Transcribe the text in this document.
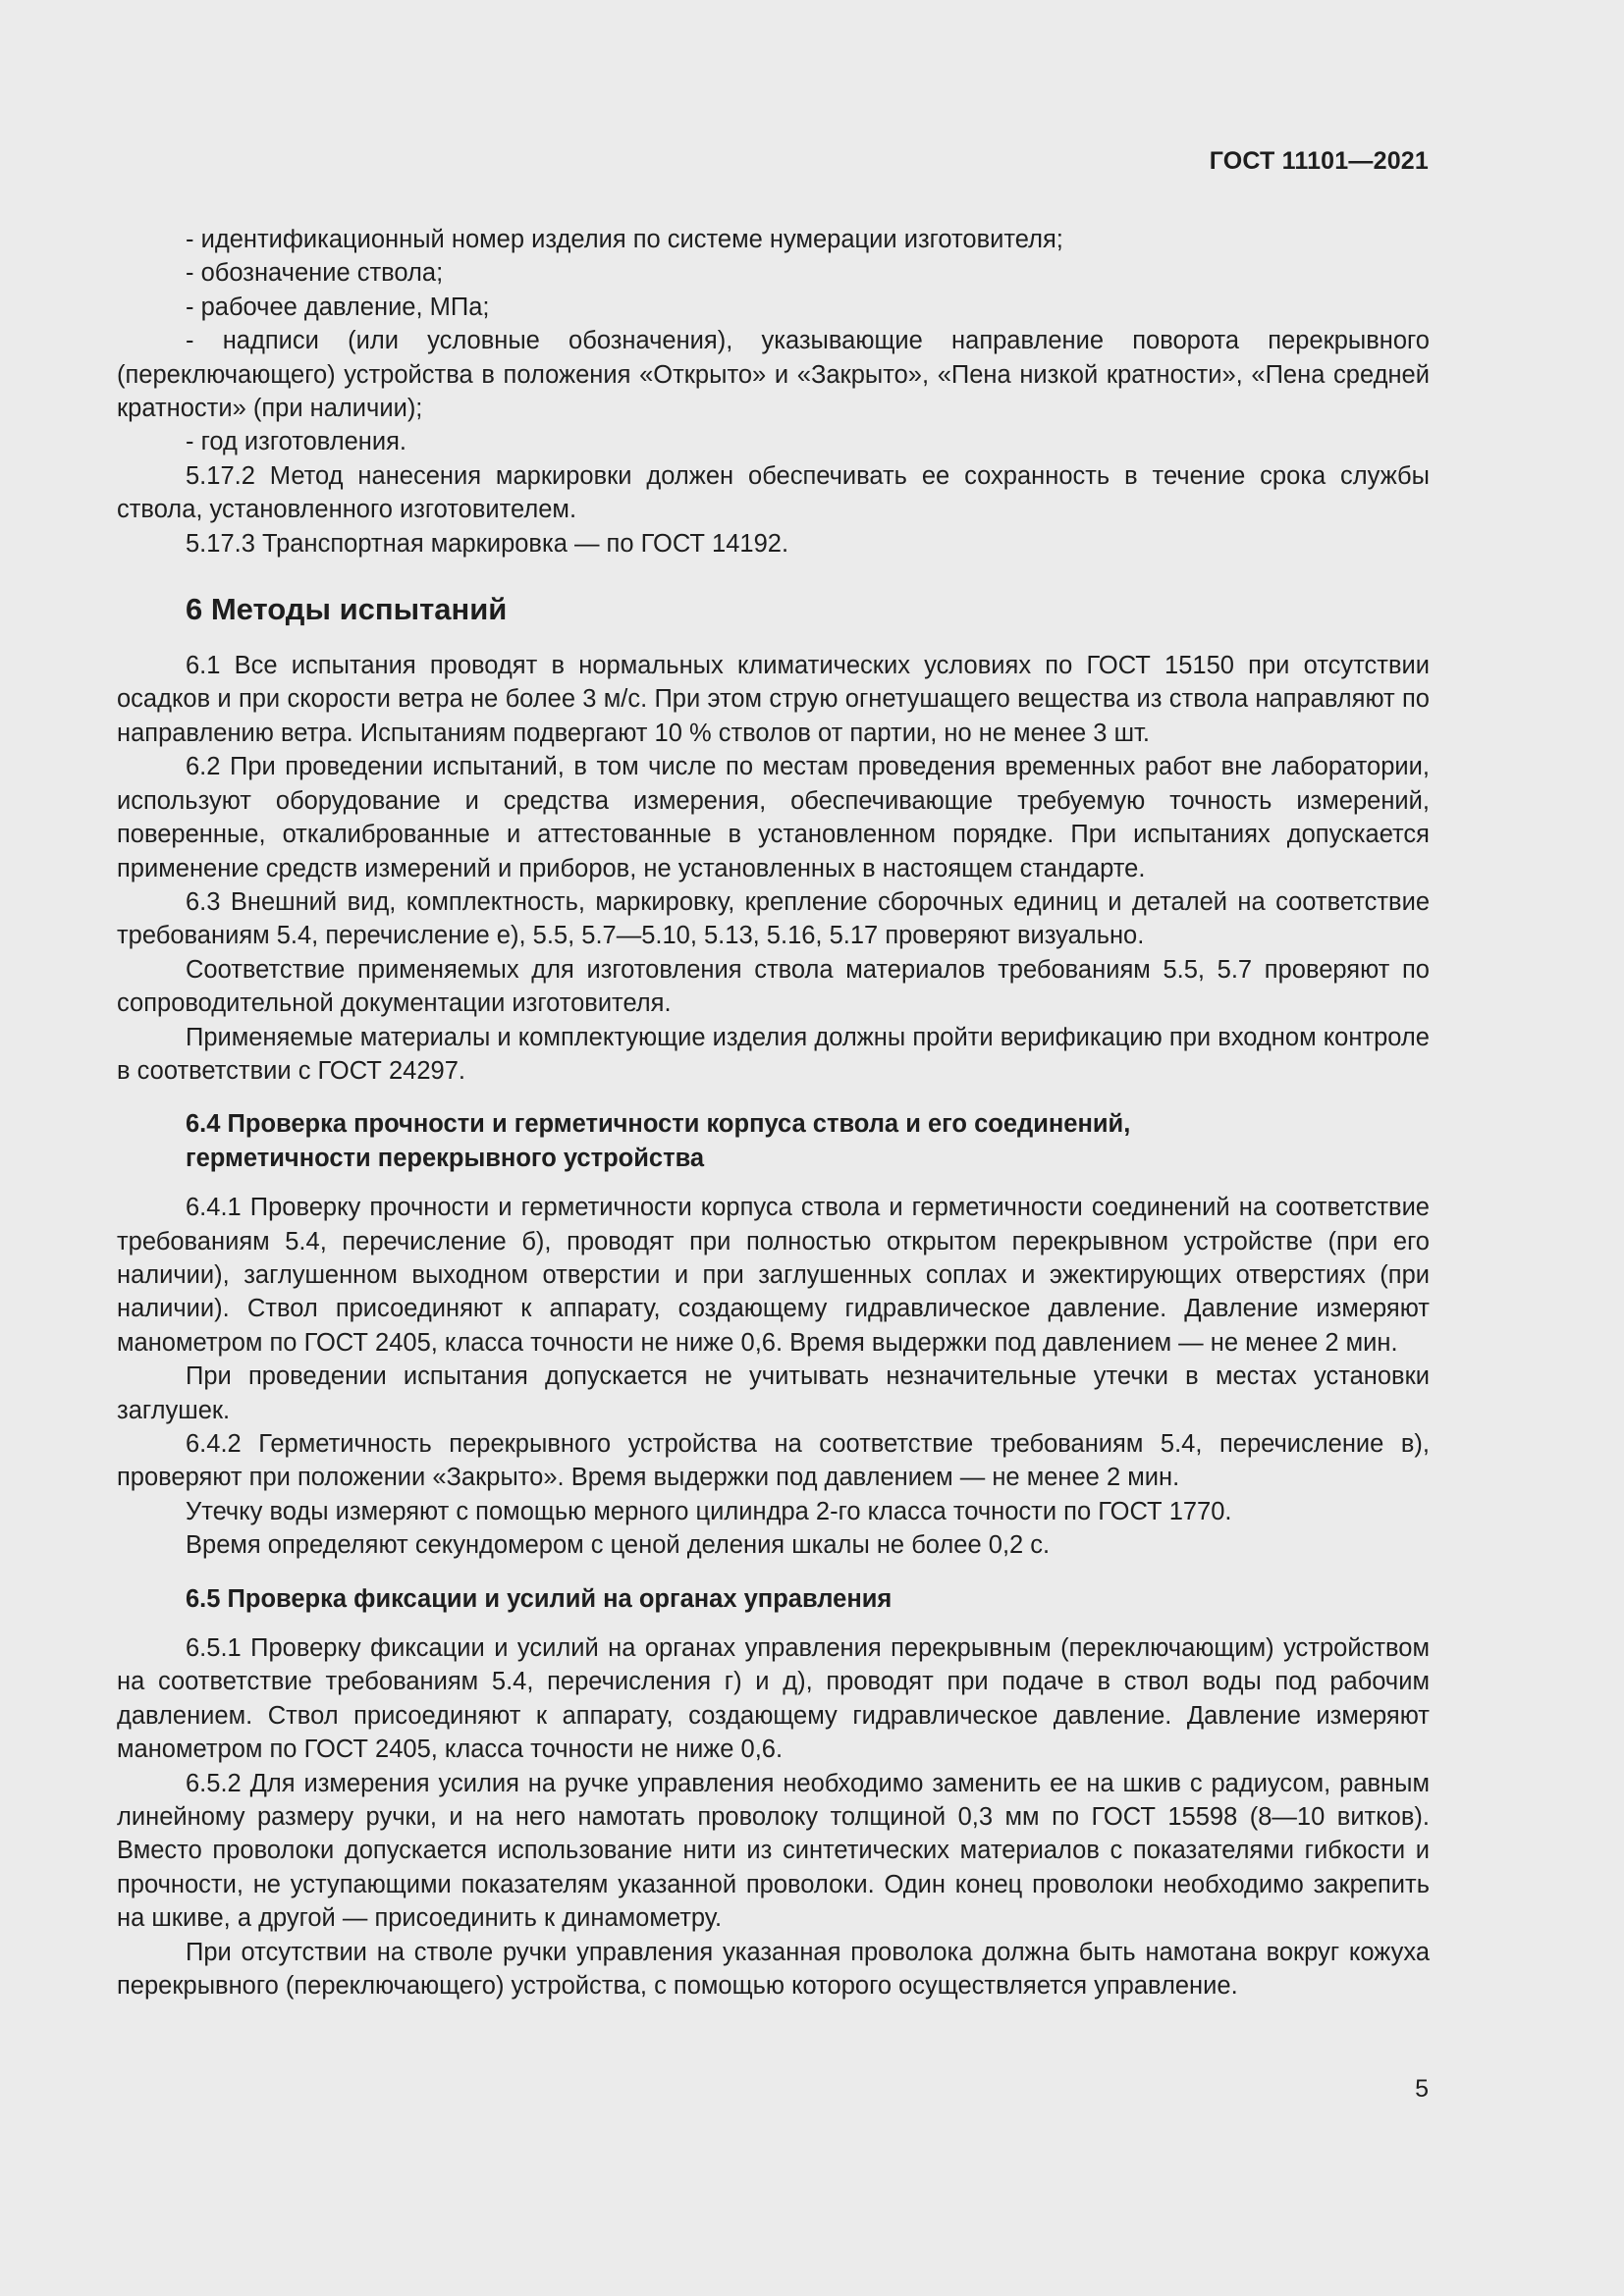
ГОСТ 11101—2021

- идентификационный номер изделия по системе нумерации изготовителя;

- обозначение ствола;

- рабочее давление, МПа;

- надписи (или условные обозначения), указывающие направление поворота перекрывного (переключающего) устройства в положения «Открыто» и «Закрыто», «Пена низкой кратности», «Пена средней кратности» (при наличии);

- год изготовления.

5.17.2 Метод нанесения маркировки должен обеспечивать ее сохранность в течение срока службы ствола, установленного изготовителем.

5.17.3 Транспортная маркировка — по ГОСТ 14192.

6 Методы испытаний

6.1 Все испытания проводят в нормальных климатических условиях по ГОСТ 15150 при отсутствии осадков и при скорости ветра не более 3 м/с. При этом струю огнетушащего вещества из ствола направляют по направлению ветра. Испытаниям подвергают 10 % стволов от партии, но не менее 3 шт.

6.2 При проведении испытаний, в том числе по местам проведения временных работ вне лаборатории, используют оборудование и средства измерения, обеспечивающие требуемую точность измерений, поверенные, откалиброванные и аттестованные в установленном порядке. При испытаниях допускается применение средств измерений и приборов, не установленных в настоящем стандарте.

6.3 Внешний вид, комплектность, маркировку, крепление сборочных единиц и деталей на соответствие требованиям 5.4, перечисление е), 5.5, 5.7—5.10, 5.13, 5.16, 5.17 проверяют визуально.

Соответствие применяемых для изготовления ствола материалов требованиям 5.5, 5.7 проверяют по сопроводительной документации изготовителя.

Применяемые материалы и комплектующие изделия должны пройти верификацию при входном контроле в соответствии с ГОСТ 24297.

6.4 Проверка прочности и герметичности корпуса ствола и его соединений,
герметичности перекрывного устройства

6.4.1 Проверку прочности и герметичности корпуса ствола и герметичности соединений на соответствие требованиям 5.4, перечисление б), проводят при полностью открытом перекрывном устройстве (при его наличии), заглушенном выходном отверстии и при заглушенных соплах и эжектирующих отверстиях (при наличии). Ствол присоединяют к аппарату, создающему гидравлическое давление. Давление измеряют манометром по ГОСТ 2405, класса точности не ниже 0,6. Время выдержки под давлением — не менее 2 мин.

При проведении испытания допускается не учитывать незначительные утечки в местах установки заглушек.

6.4.2 Герметичность перекрывного устройства на соответствие требованиям 5.4, перечисление в), проверяют при положении «Закрыто». Время выдержки под давлением — не менее 2 мин.

Утечку воды измеряют с помощью мерного цилиндра 2-го класса точности по ГОСТ 1770.

Время определяют секундомером с ценой деления шкалы не более 0,2 с.

6.5 Проверка фиксации и усилий на органах управления

6.5.1 Проверку фиксации и усилий на органах управления перекрывным (переключающим) устройством на соответствие требованиям 5.4, перечисления г) и д), проводят при подаче в ствол воды под рабочим давлением. Ствол присоединяют к аппарату, создающему гидравлическое давление. Давление измеряют манометром по ГОСТ 2405, класса точности не ниже 0,6.

6.5.2 Для измерения усилия на ручке управления необходимо заменить ее на шкив с радиусом, равным линейному размеру ручки, и на него намотать проволоку толщиной 0,3 мм по ГОСТ 15598 (8—10 витков). Вместо проволоки допускается использование нити из синтетических материалов с показателями гибкости и прочности, не уступающими показателям указанной проволоки. Один конец проволоки необходимо закрепить на шкиве, а другой — присоединить к динамометру.

При отсутствии на стволе ручки управления указанная проволока должна быть намотана вокруг кожуха перекрывного (переключающего) устройства, с помощью которого осуществляется управление.

5
